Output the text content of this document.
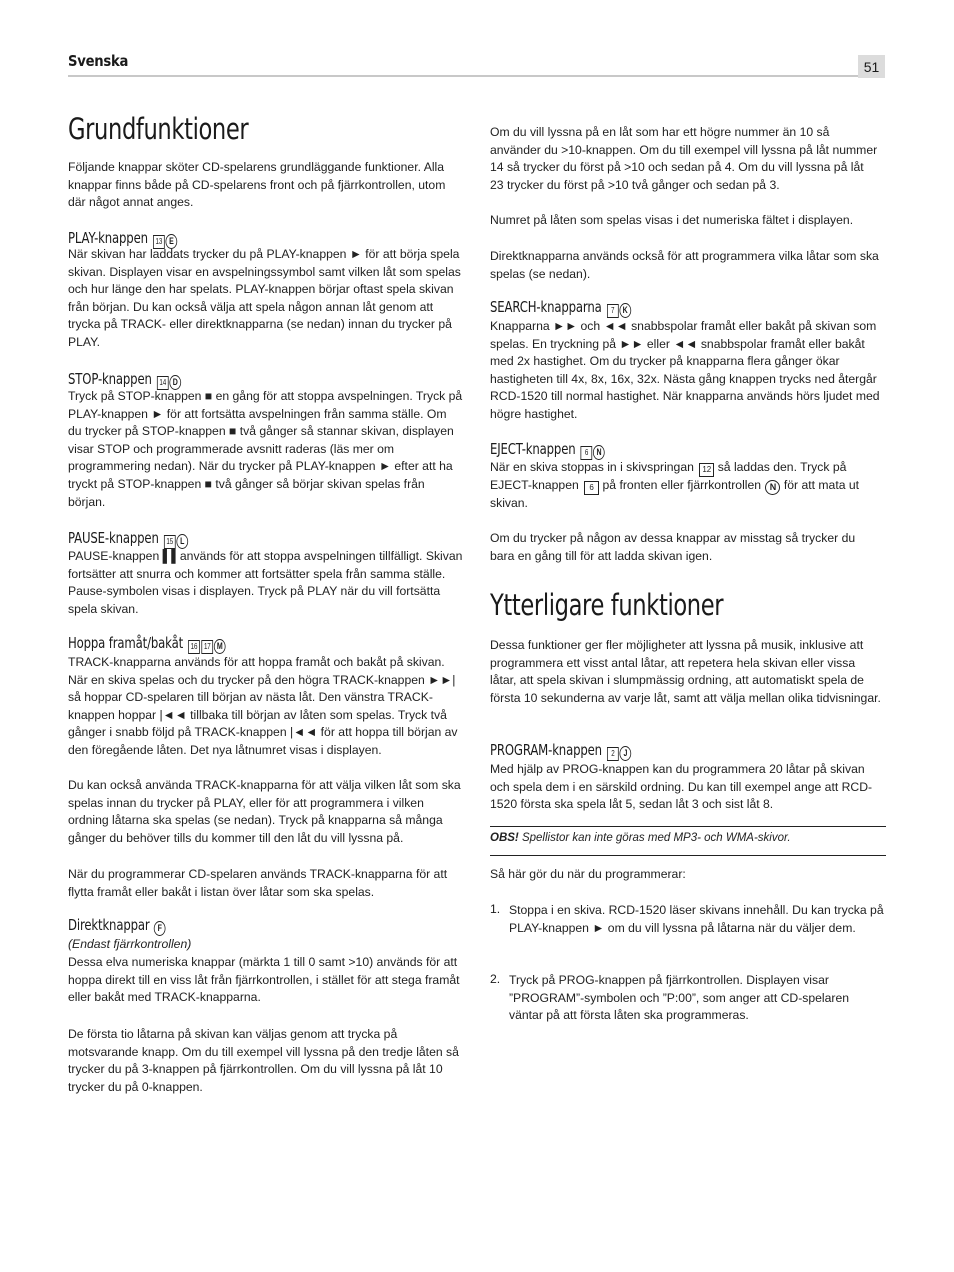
Svenska	51
Grundfunktioner

Följande knappar sköter CD-spelarens grundläggande funktioner. Alla knappar finns både på CD-spelarens front och på fjärrkontrollen, utom där något annat anges.

PLAY-knappen 13 E

När skivan har laddats trycker du på PLAY-knappen ► för att börja spela skivan. Displayen visar en avspelningssymbol samt vilken låt som spelas och hur länge den har spelats. PLAY-knappen börjar oftast spela skivan från början. Du kan också välja att spela någon annan låt genom att trycka på TRACK- eller direktknapparna (se nedan) innan du trycker på PLAY.

STOP-knappen 14 D

Tryck på STOP-knappen ■ en gång för att stoppa avspelningen. Tryck på PLAY-knappen ► för att fortsätta avspelningen från samma ställe. Om du trycker på STOP-knappen ■ två gånger så stannar skivan, displayen visar STOP och programmerade avsnitt raderas (läs mer om programmering nedan). När du trycker på PLAY-knappen ► efter att ha tryckt på STOP-knappen ■ två gånger så börjar skivan spelas från början.

PAUSE-knappen 15 L

PAUSE-knappen ▌▌används för att stoppa avspelningen tillfälligt. Skivan fortsätter att snurra och kommer att fortsätter spela från samma ställe. Pause-symbolen visas i displayen. Tryck på PLAY när du vill fortsätta spela skivan.

Hoppa framåt/bakåt 16 17 M

TRACK-knapparna används för att hoppa framåt och bakåt på skivan. När en skiva spelas och du trycker på den högra TRACK-knappen ►►| så hoppar CD-spelaren till början av nästa låt. Den vänstra TRACK-knappen hoppar |◄◄ tillbaka till början av låten som spelas. Tryck två gånger i snabb följd på TRACK-knappen |◄◄ för att hoppa till början av den föregående låten. Det nya låtnumret visas i displayen.

Du kan också använda TRACK-knapparna för att välja vilken låt som ska spelas innan du trycker på PLAY, eller för att programmera i vilken ordning låtarna ska spelas (se nedan). Tryck på knapparna så många gånger du behöver tills du kommer till den låt du vill lyssna på.

När du programmerar CD-spelaren används TRACK-knapparna för att flytta framåt eller bakåt i listan över låtar som ska spelas.

Direktknappar F

(Endast fjärrkontrollen)

Dessa elva numeriska knappar (märkta 1 till 0 samt >10) används för att hoppa direkt till en viss låt från fjärrkontrollen, i stället för att stega framåt eller bakåt med TRACK-knapparna.

De första tio låtarna på skivan kan väljas genom att trycka på motsvarande knapp. Om du till exempel vill lyssna på den tredje låten så trycker du på 3-knappen på fjärrkontrollen. Om du vill lyssna på låt 10 trycker du på 0-knappen.

Om du vill lyssna på en låt som har ett högre nummer än 10 så använder du >10-knappen. Om du till exempel vill lyssna på låt nummer 14 så trycker du först på >10 och sedan på 4. Om du vill lyssna på låt 23 trycker du först på >10 två gånger och sedan på 3.

Numret på låten som spelas visas i det numeriska fältet i displayen.

Direktknapparna används också för att programmera vilka låtar som ska spelas (se nedan).

SEARCH-knapparna 7 K

Knapparna ►► och ◄◄ snabbspolar framåt eller bakåt på skivan som spelas. En tryckning på ►► eller ◄◄ snabbspolar framåt eller bakåt med 2x hastighet. Om du trycker på knapparna flera gånger ökar hastigheten till 4x, 8x, 16x, 32x. Nästa gång knappen trycks ned återgår RCD-1520 till normal hastighet. När knapparna används hörs ljudet med högre hastighet.

EJECT-knappen 6 N

När en skiva stoppas in i skivspringan 12 så laddas den. Tryck på EJECT-knappen 6 på fronten eller fjärrkontrollen N för att mata ut skivan.

Om du trycker på någon av dessa knappar av misstag så trycker du bara en gång till för att ladda skivan igen.

Ytterligare funktioner

Dessa funktioner ger fler möjligheter att lyssna på musik, inklusive att programmera ett visst antal låtar, att repetera hela skivan eller vissa låtar, att spela skivan i slumpmässig ordning, att automatiskt spela de första 10 sekunderna av varje låt, samt att välja mellan olika tidvisningar.

PROGRAM-knappen 2 J

Med hjälp av PROG-knappen kan du programmera 20 låtar på skivan och spela dem i en särskild ordning. Du kan till exempel ange att RCD-1520 första ska spela låt 5, sedan låt 3 och sist låt 8.

Så här gör du när du programmerar:

1. Stoppa i en skiva. RCD-1520 läser skivans innehåll. Du kan trycka på PLAY-knappen ► om du vill lyssna på låtarna när du väljer dem.

2. Tryck på PROG-knappen på fjärrkontrollen. Displayen visar ”PROGRAM”-symbolen och ”P:00”, som anger att CD-spelaren väntar på att första låten ska programmeras.

OBS! Spellistor kan inte göras med MP3- och WMA-skivor.
